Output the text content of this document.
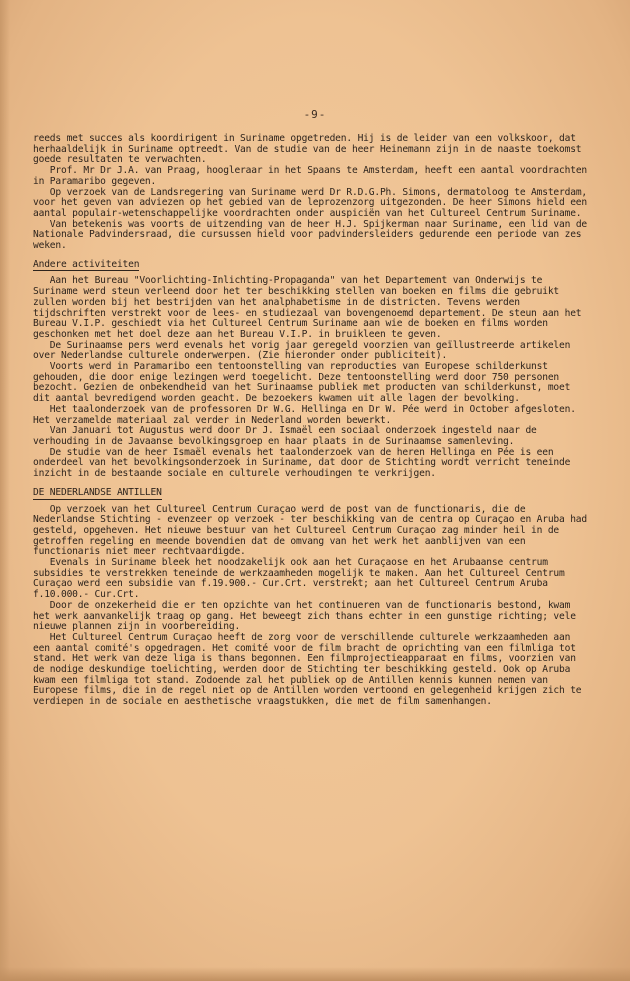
-9-

reeds met succes als koordirigent in Suriname opgetreden. Hij is de leider van een volkskoor, dat herhaaldelijk in Suriname optreedt. Van de studie van de heer Heinemann zijn in de naaste toekomst goede resultaten te verwachten.

Prof. Mr Dr J.A. van Praag, hoogleraar in het Spaans te Amsterdam, heeft een aantal voordrachten in Paramaribo gegeven.

Op verzoek van de Landsregering van Suriname werd Dr R.D.G.Ph. Simons, dermatoloog te Amsterdam, voor het geven van adviezen op het gebied van de leprozenzorg uitgezonden. De heer Simons hield een aantal populair-wetenschappelijke voordrachten onder auspiciën van het Cultureel Centrum Suriname.

Van betekenis was voorts de uitzending van de heer H.J. Spijkerman naar Suriname, een lid van de Nationale Padvindersraad, die cursussen hield voor padvindersleiders gedurende een periode van zes weken.

Andere activiteiten

Aan het Bureau "Voorlichting-Inlichting-Propaganda" van het Departement van Onderwijs te Suriname werd steun verleend door het ter beschikking stellen van boeken en films die gebruikt zullen worden bij het bestrijden van het analphabetisme in de districten. Tevens werden tijdschriften verstrekt voor de lees- en studiezaal van bovengenoemd departement. De steun aan het Bureau V.I.P. geschiedt via het Cultureel Centrum Suriname aan wie de boeken en films worden geschonken met het doel deze aan het Bureau V.I.P. in bruikleen te geven.

De Surinaamse pers werd evenals het vorig jaar geregeld voorzien van geïllustreerde artikelen over Nederlandse culturele onderwerpen. (Zie hieronder onder publiciteit).

Voorts werd in Paramaribo een tentoonstelling van reproducties van Europese schilderkunst gehouden, die door enige lezingen werd toegelicht. Deze tentoonstelling werd door 750 personen bezocht. Gezien de onbekendheid van het Surinaamse publiek met producten van schilderkunst, moet dit aantal bevredigend worden geacht. De bezoekers kwamen uit alle lagen der bevolking.

Het taalonderzoek van de professoren Dr W.G. Hellinga en Dr W. Pée werd in October afgesloten. Het verzamelde materiaal zal verder in Nederland worden bewerkt.

Van Januari tot Augustus werd door Dr J. Ismaël een sociaal onderzoek ingesteld naar de verhouding in de Javaanse bevolkingsgroep en haar plaats in de Surinaamse samenleving.

De studie van de heer Ismaël evenals het taalonderzoek van de heren Hellinga en Pée is een onderdeel van het bevolkingsonderzoek in Suriname, dat door de Stichting wordt verricht teneinde inzicht in de bestaande sociale en culturele verhoudingen te verkrijgen.

DE NEDERLANDSE ANTILLEN

Op verzoek van het Cultureel Centrum Curaçao werd de post van de functionaris, die de Nederlandse Stichting - evenzeer op verzoek - ter beschikking van de centra op Curaçao en Aruba had gesteld, opgeheven. Het nieuwe bestuur van het Cultureel Centrum Curaçao zag minder heil in de getroffen regeling en meende bovendien dat de omvang van het werk het aanblijven van een functionaris niet meer rechtvaardigde.

Evenals in Suriname bleek het noodzakelijk ook aan het Curaçaose en het Arubaanse centrum subsidies te verstrekken teneinde de werkzaamheden mogelijk te maken. Aan het Cultureel Centrum Curaçao werd een subsidie van f.19.900.- Cur.Crt. verstrekt; aan het Cultureel Centrum Aruba f.10.000.- Cur.Crt.

Door de onzekerheid die er ten opzichte van het continueren van de functionaris bestond, kwam het werk aanvankelijk traag op gang. Het beweegt zich thans echter in een gunstige richting; vele nieuwe plannen zijn in voorbereiding.

Het Cultureel Centrum Curaçao heeft de zorg voor de verschillende culturele werkzaamheden aan een aantal comité's opgedragen. Het comité voor de film bracht de oprichting van een filmliga tot stand. Het werk van deze liga is thans begonnen. Een filmprojectieapparaat en films, voorzien van de nodige deskundige toelichting, werden door de Stichting ter beschikking gesteld. Ook op Aruba kwam een filmliga tot stand. Zodoende zal het publiek op de Antillen kennis kunnen nemen van Europese films, die in de regel niet op de Antillen worden vertoond en gelegenheid krijgen zich te verdiepen in de sociale en aesthetische vraagstukken, die met de film samenhangen.
